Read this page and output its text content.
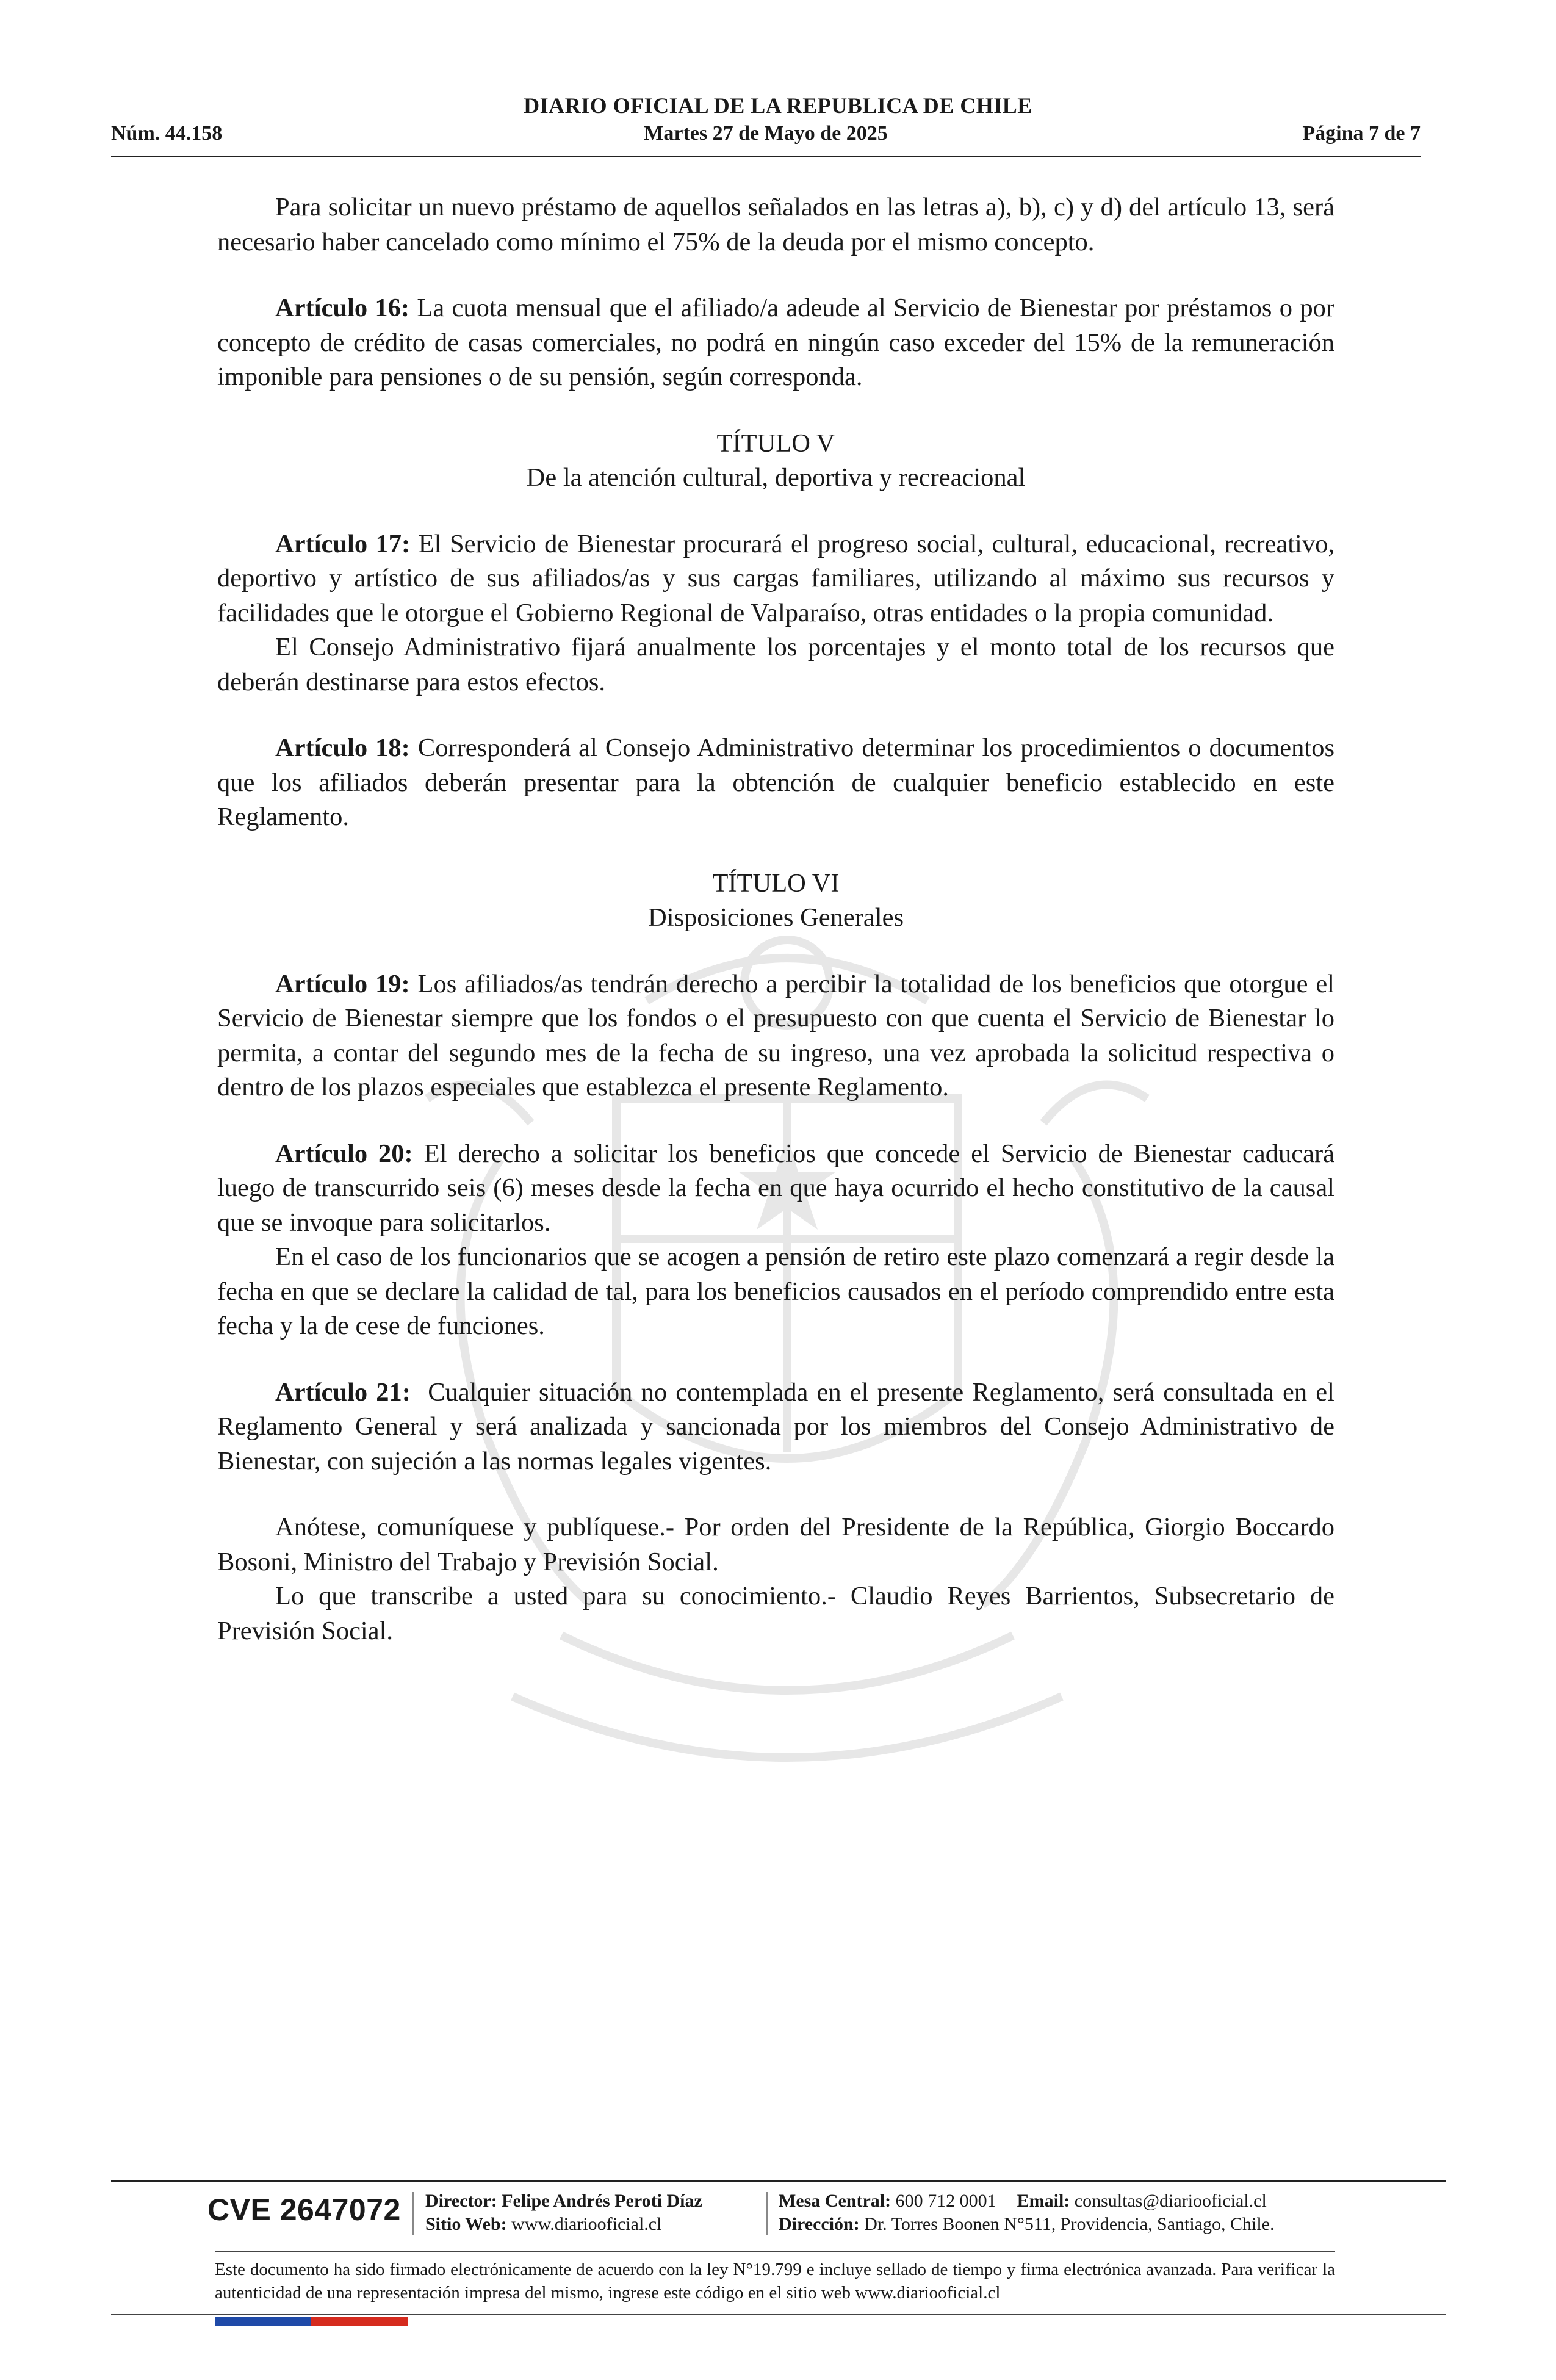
DIARIO OFICIAL DE LA REPUBLICA DE CHILE
Núm. 44.158	Martes 27 de Mayo de 2025	Página 7 de 7

Para solicitar un nuevo préstamo de aquellos señalados en las letras a), b), c) y d) del artículo 13, será necesario haber cancelado como mínimo el 75% de la deuda por el mismo concepto.

Artículo 16: La cuota mensual que el afiliado/a adeude al Servicio de Bienestar por préstamos o por concepto de crédito de casas comerciales, no podrá en ningún caso exceder del 15% de la remuneración imponible para pensiones o de su pensión, según corresponda.

TÍTULO V

De la atención cultural, deportiva y recreacional

Artículo 17: El Servicio de Bienestar procurará el progreso social, cultural, educacional, recreativo, deportivo y artístico de sus afiliados/as y sus cargas familiares, utilizando al máximo sus recursos y facilidades que le otorgue el Gobierno Regional de Valparaíso, otras entidades o la propia comunidad.

El Consejo Administrativo fijará anualmente los porcentajes y el monto total de los recursos que deberán destinarse para estos efectos.

Artículo 18: Corresponderá al Consejo Administrativo determinar los procedimientos o documentos que los afiliados deberán presentar para la obtención de cualquier beneficio establecido en este Reglamento.

TÍTULO VI

Disposiciones Generales

Artículo 19: Los afiliados/as tendrán derecho a percibir la totalidad de los beneficios que otorgue el Servicio de Bienestar siempre que los fondos o el presupuesto con que cuenta el Servicio de Bienestar lo permita, a contar del segundo mes de la fecha de su ingreso, una vez aprobada la solicitud respectiva o dentro de los plazos especiales que establezca el presente Reglamento.

Artículo 20: El derecho a solicitar los beneficios que concede el Servicio de Bienestar caducará luego de transcurrido seis (6) meses desde la fecha en que haya ocurrido el hecho constitutivo de la causal que se invoque para solicitarlos.

En el caso de los funcionarios que se acogen a pensión de retiro este plazo comenzará a regir desde la fecha en que se declare la calidad de tal, para los beneficios causados en el período comprendido entre esta fecha y la de cese de funciones.

Artículo 21:  Cualquier situación no contemplada en el presente Reglamento, será consultada en el Reglamento General y será analizada y sancionada por los miembros del Consejo Administrativo de Bienestar, con sujeción a las normas legales vigentes.

Anótese, comuníquese y publíquese.- Por orden del Presidente de la República, Giorgio Boccardo Bosoni, Ministro del Trabajo y Previsión Social.

Lo que transcribe a usted para su conocimiento.- Claudio Reyes Barrientos, Subsecretario de Previsión Social.

CVE 2647072 Director: Felipe Andrés Peroti Díaz
Sitio Web: www.diariooficial.cl
Mesa Central: 600 712 0001 Email: consultas@diariooficial.cl
Dirección: Dr. Torres Boonen N°511, Providencia, Santiago, Chile.
Este documento ha sido firmado electrónicamente de acuerdo con la ley N°19.799 e incluye sellado de tiempo y firma electrónica avanzada. Para verificar la autenticidad de una representación impresa del mismo, ingrese este código en el sitio web www.diariooficial.cl
